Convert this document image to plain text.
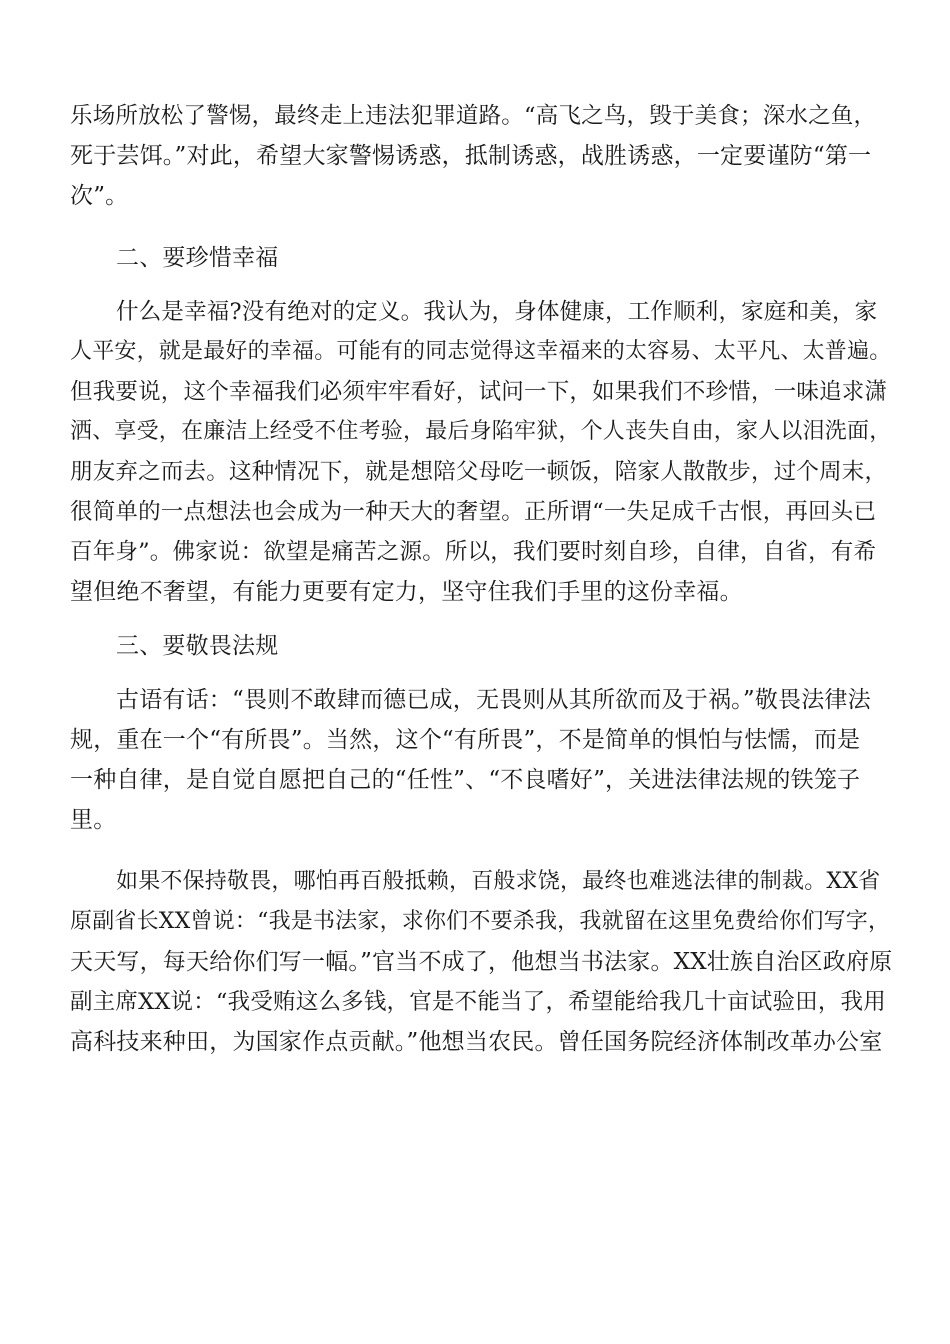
乐场所放松了警惕，最终走上违法犯罪道路。“高飞之鸟，毁于美食；深水之鱼，
死于芸饵。”对此，希望大家警惕诱惑，抵制诱惑，战胜诱惑，一定要谨防“第一
次”。
二、要珍惜幸福
什么是幸福?没有绝对的定义。我认为，身体健康，工作顺利，家庭和美，家
人平安，就是最好的幸福。可能有的同志觉得这幸福来的太容易、太平凡、太普遍。
但我要说，这个幸福我们必须牢牢看好，试问一下，如果我们不珍惜，一味追求潇
洒、享受，在廉洁上经受不住考验，最后身陷牢狱，个人丧失自由，家人以泪洗面，
朋友弃之而去。这种情况下，就是想陪父母吃一顿饭，陪家人散散步，过个周末，
很简单的一点想法也会成为一种天大的奢望。正所谓“一失足成千古恨，再回头已
百年身”。佛家说：欲望是痛苦之源。所以，我们要时刻自珍，自律，自省，有希
望但绝不奢望，有能力更要有定力，坚守住我们手里的这份幸福。
三、要敬畏法规
古语有话：“畏则不敢肆而德已成，无畏则从其所欲而及于祸。”敬畏法律法
规，重在一个“有所畏”。当然，这个“有所畏”，不是简单的惧怕与怯懦，而是
一种自律，是自觉自愿把自己的“任性”、“不良嗜好”，关进法律法规的铁笼子
里。
如果不保持敬畏，哪怕再百般抵赖，百般求饶，最终也难逃法律的制裁。XX省
原副省长XX曾说：“我是书法家，求你们不要杀我，我就留在这里免费给你们写字，
天天写，每天给你们写一幅。”官当不成了，他想当书法家。XX壮族自治区政府原
副主席XX说：“我受贿这么多钱，官是不能当了，希望能给我几十亩试验田，我用
高科技来种田，为国家作点贡献。”他想当农民。曾任国务院经济体制改革办公室
